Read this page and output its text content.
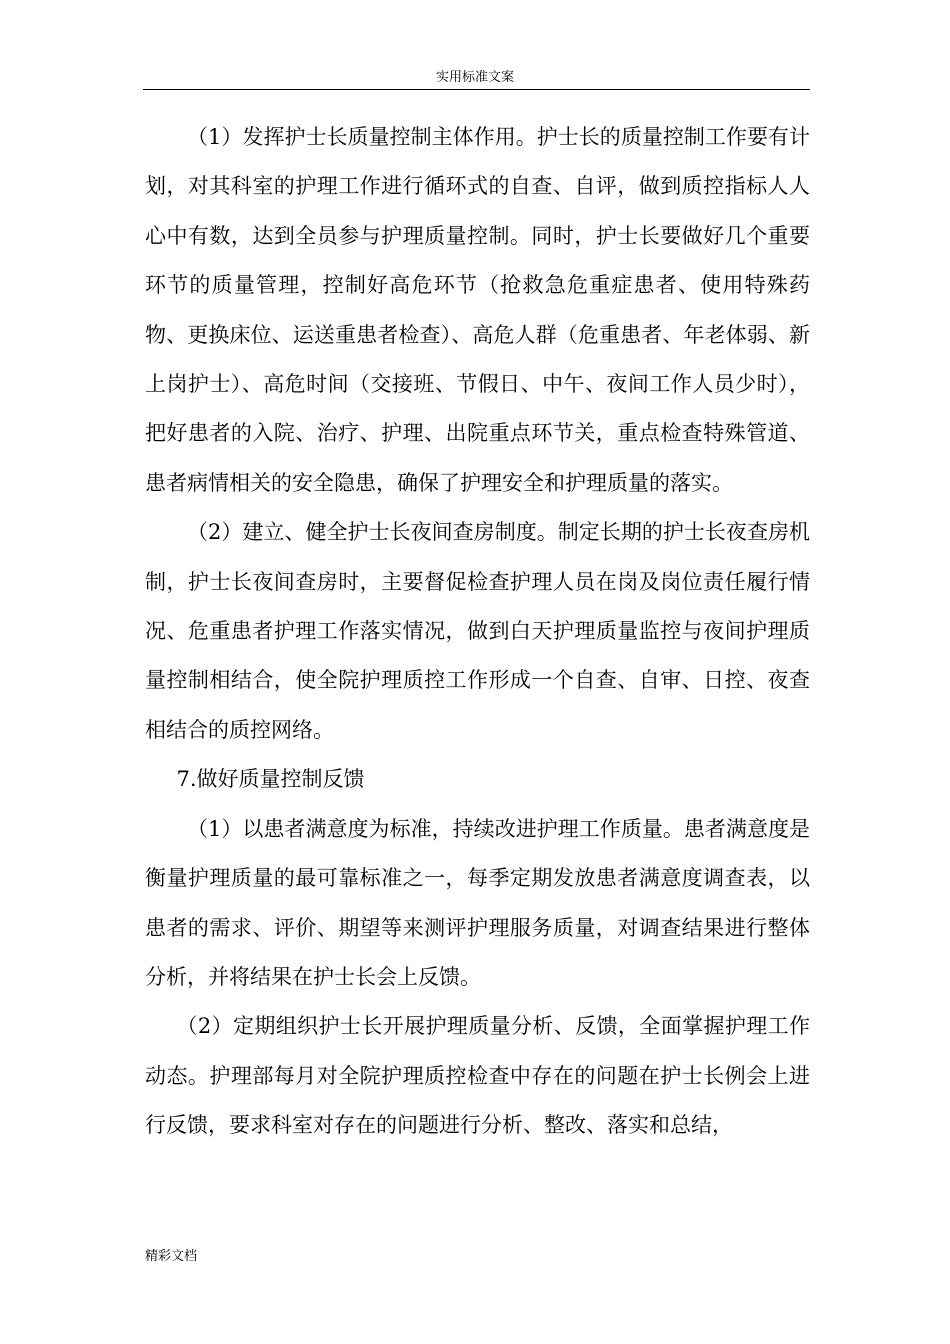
实用标准文案

（1）发挥护士长质量控制主体作用。护士长的质量控制工作要有计划，对其科室的护理工作进行循环式的自查、自评，做到质控指标人人心中有数，达到全员参与护理质量控制。同时，护士长要做好几个重要环节的质量管理，控制好高危环节（抢救急危重症患者、使用特殊药物、更换床位、运送重患者检查）、高危人群（危重患者、年老体弱、新上岗护士）、高危时间（交接班、节假日、中午、夜间工作人员少时），把好患者的入院、治疗、护理、出院重点环节关，重点检查特殊管道、患者病情相关的安全隐患，确保了护理安全和护理质量的落实。

（2）建立、健全护士长夜间查房制度。制定长期的护士长夜查房机制，护士长夜间查房时，主要督促检查护理人员在岗及岗位责任履行情况、危重患者护理工作落实情况，做到白天护理质量监控与夜间护理质量控制相结合，使全院护理质控工作形成一个自查、自审、日控、夜查相结合的质控网络。

7.做好质量控制反馈

（1）以患者满意度为标准，持续改进护理工作质量。患者满意度是衡量护理质量的最可靠标准之一，每季定期发放患者满意度调查表，以患者的需求、评价、期望等来测评护理服务质量，对调查结果进行整体分析，并将结果在护士长会上反馈。

（2）定期组织护士长开展护理质量分析、反馈，全面掌握护理工作动态。护理部每月对全院护理质控检查中存在的问题在护士长例会上进行反馈，要求科室对存在的问题进行分析、整改、落实和总结，

精彩文档
